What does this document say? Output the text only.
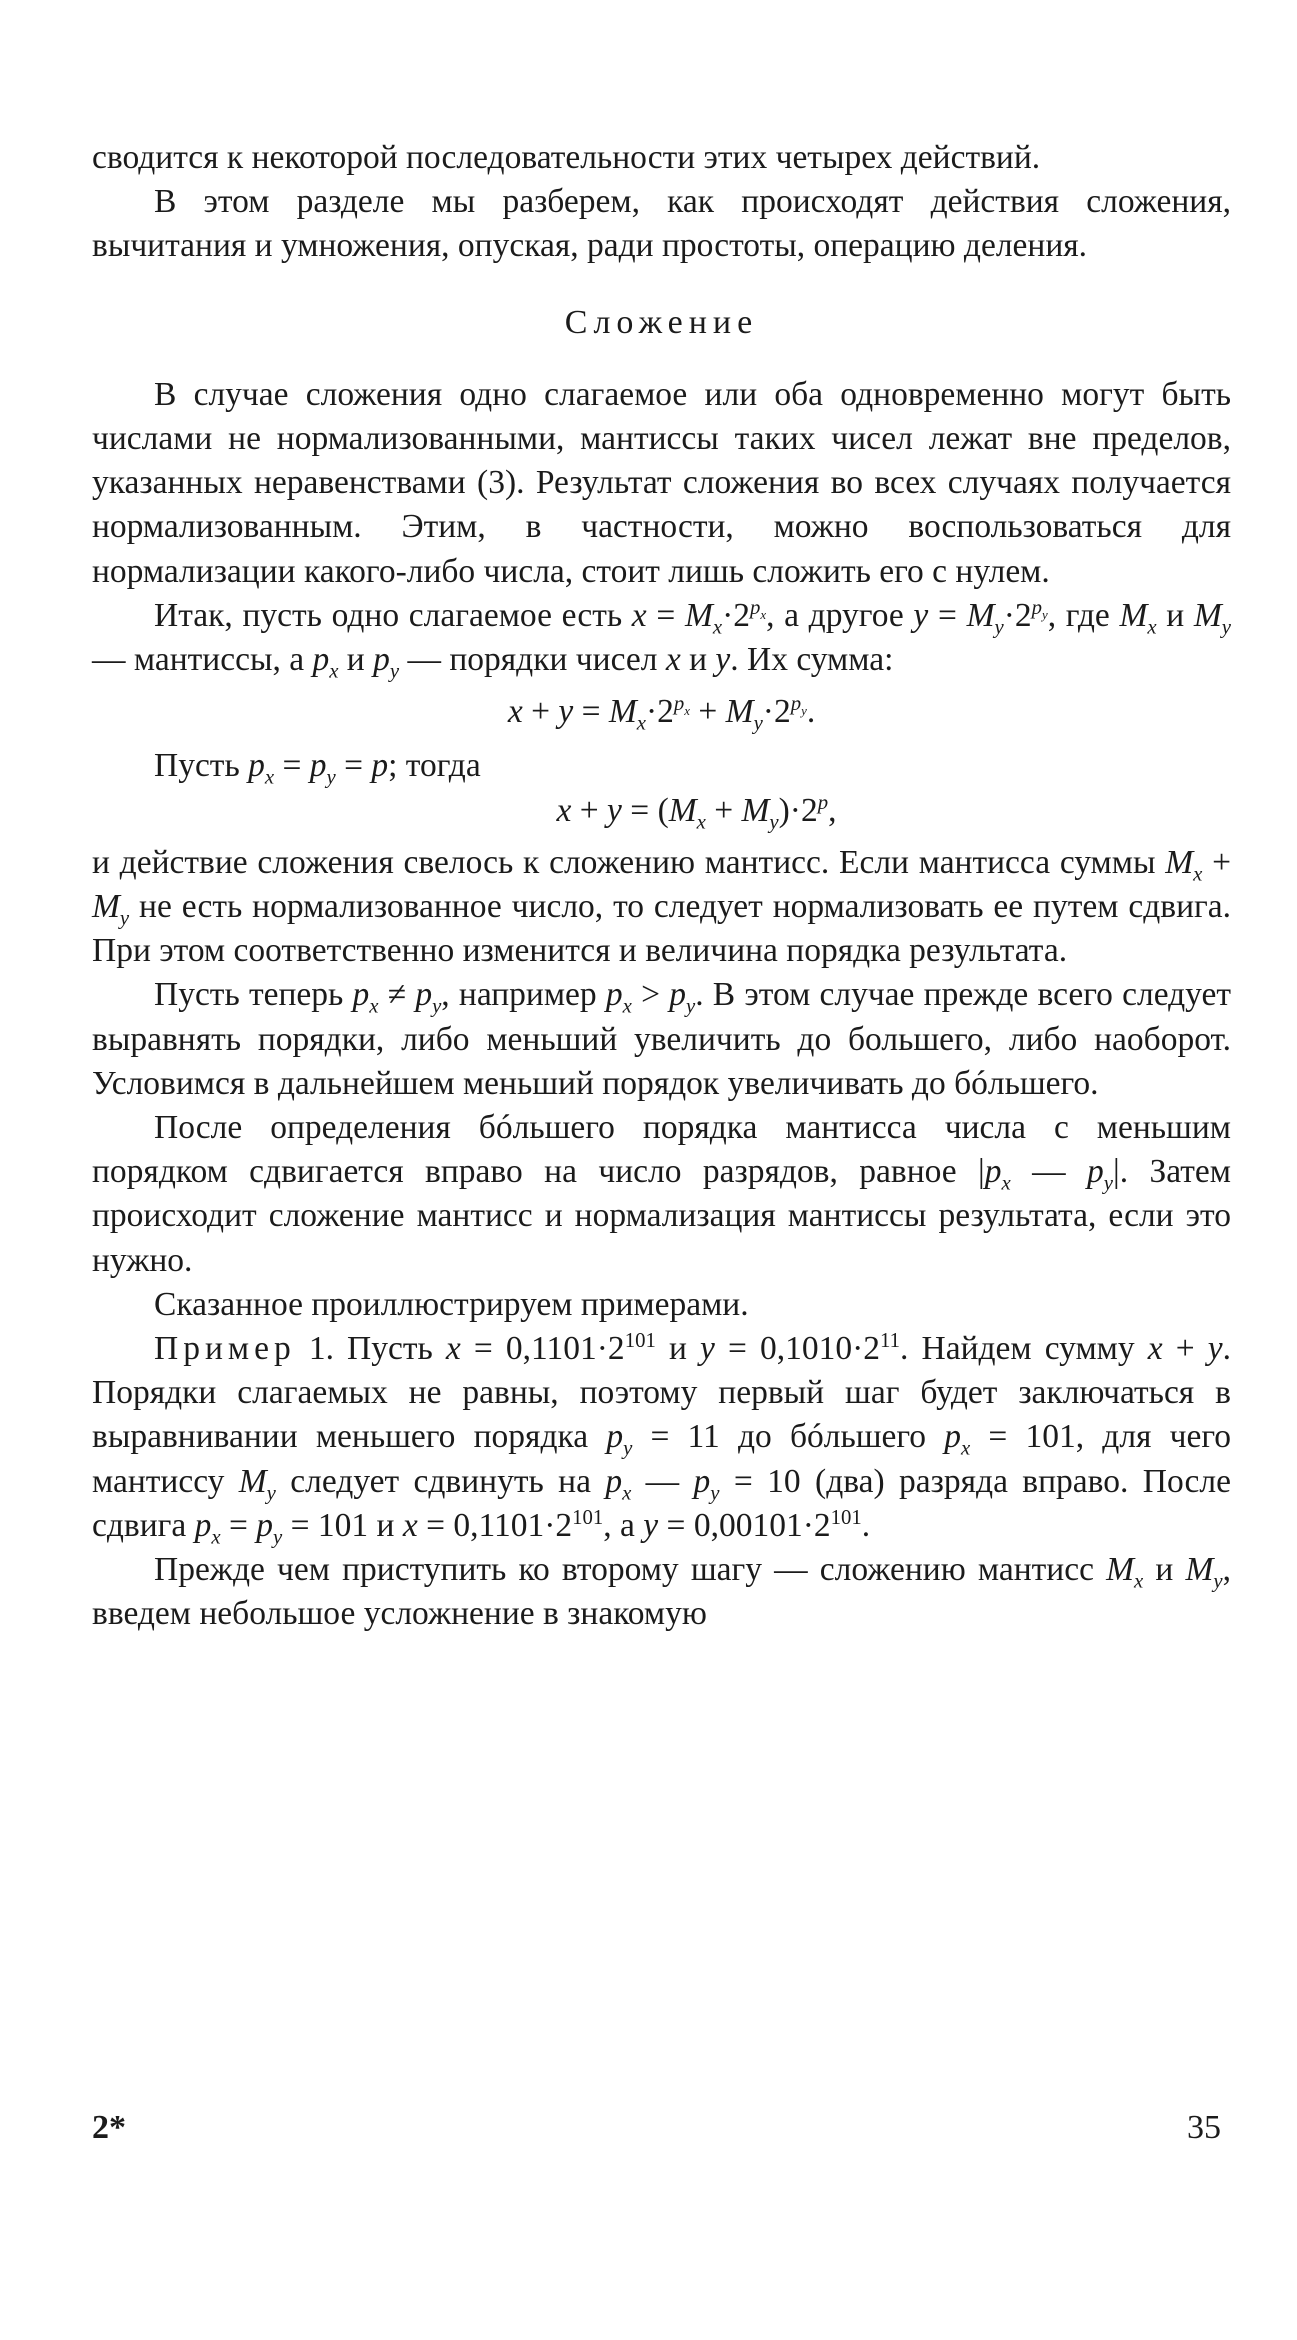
сводится к некоторой последовательности этих четырех действий.

В этом разделе мы разберем, как происходят действия сложения, вычитания и умножения, опуская, ради простоты, операцию деления.

Сложение

В случае сложения одно слагаемое или оба одновременно могут быть числами не нормализованными, мантиссы таких чисел лежат вне пределов, указанных неравенствами (3). Результат сложения во всех случаях получается нормализованным. Этим, в частности, можно воспользоваться для нормализации какого-либо числа, стоит лишь сложить его с нулем.

Итак, пусть одно слагаемое есть $x = M_x\cdot 2^{p_x}$, а другое $y = M_y\cdot 2^{p_y}$, где $M_x$ и $M_y$ — мантиссы, а $p_x$ и $p_y$ — порядки чисел x и y. Их сумма:

$x + y = M_x\cdot 2^{p_x} + M_y\cdot 2^{p_y}$.

Пусть $p_x = p_y = p$; тогда

$x + y = (M_x + M_y)\cdot 2^p$,

и действие сложения свелось к сложению мантисс. Если мантисса суммы $M_x + M_y$ не есть нормализованное число, то следует нормализовать ее путем сдвига. При этом соответственно изменится и величина порядка результата.

Пусть теперь $p_x \ne p_y$, например $p_x > p_y$. В этом случае прежде всего следует выравнять порядки, либо меньший увеличить до большего, либо наоборот. Условимся в дальнейшем меньший порядок увеличивать до бóльшего.

После определения бóльшего порядка мантисса числа с меньшим порядком сдвигается вправо на число разрядов, равное $|p_x$ — $p_y|$. Затем происходит сложение мантисс и нормализация мантиссы результата, если это нужно.

Сказанное проиллюстрируем примерами.

Пример 1. Пусть $x = 0,1101\cdot 2^{101}$ и $y = 0,1010\cdot 2^{11}$. Найдем сумму x + y. Порядки слагаемых не равны, поэтому первый шаг будет заключаться в выравнивании меньшего порядка $p_y = 11$ до бóльшего $p_x = 101$, для чего мантиссу $M_y$ следует сдвинуть на $p_x$ — $p_y = 10$ (два) разряда вправо. После сдвига $p_x = p_y = 101$ и $x = 0,1101\cdot 2^{101}$, а $y = 0,00101\cdot 2^{101}$.

Прежде чем приступить ко второму шагу — сложению мантисс $M_x$ и $M_y$, введем небольшое усложнение в знакомую

2*	35
